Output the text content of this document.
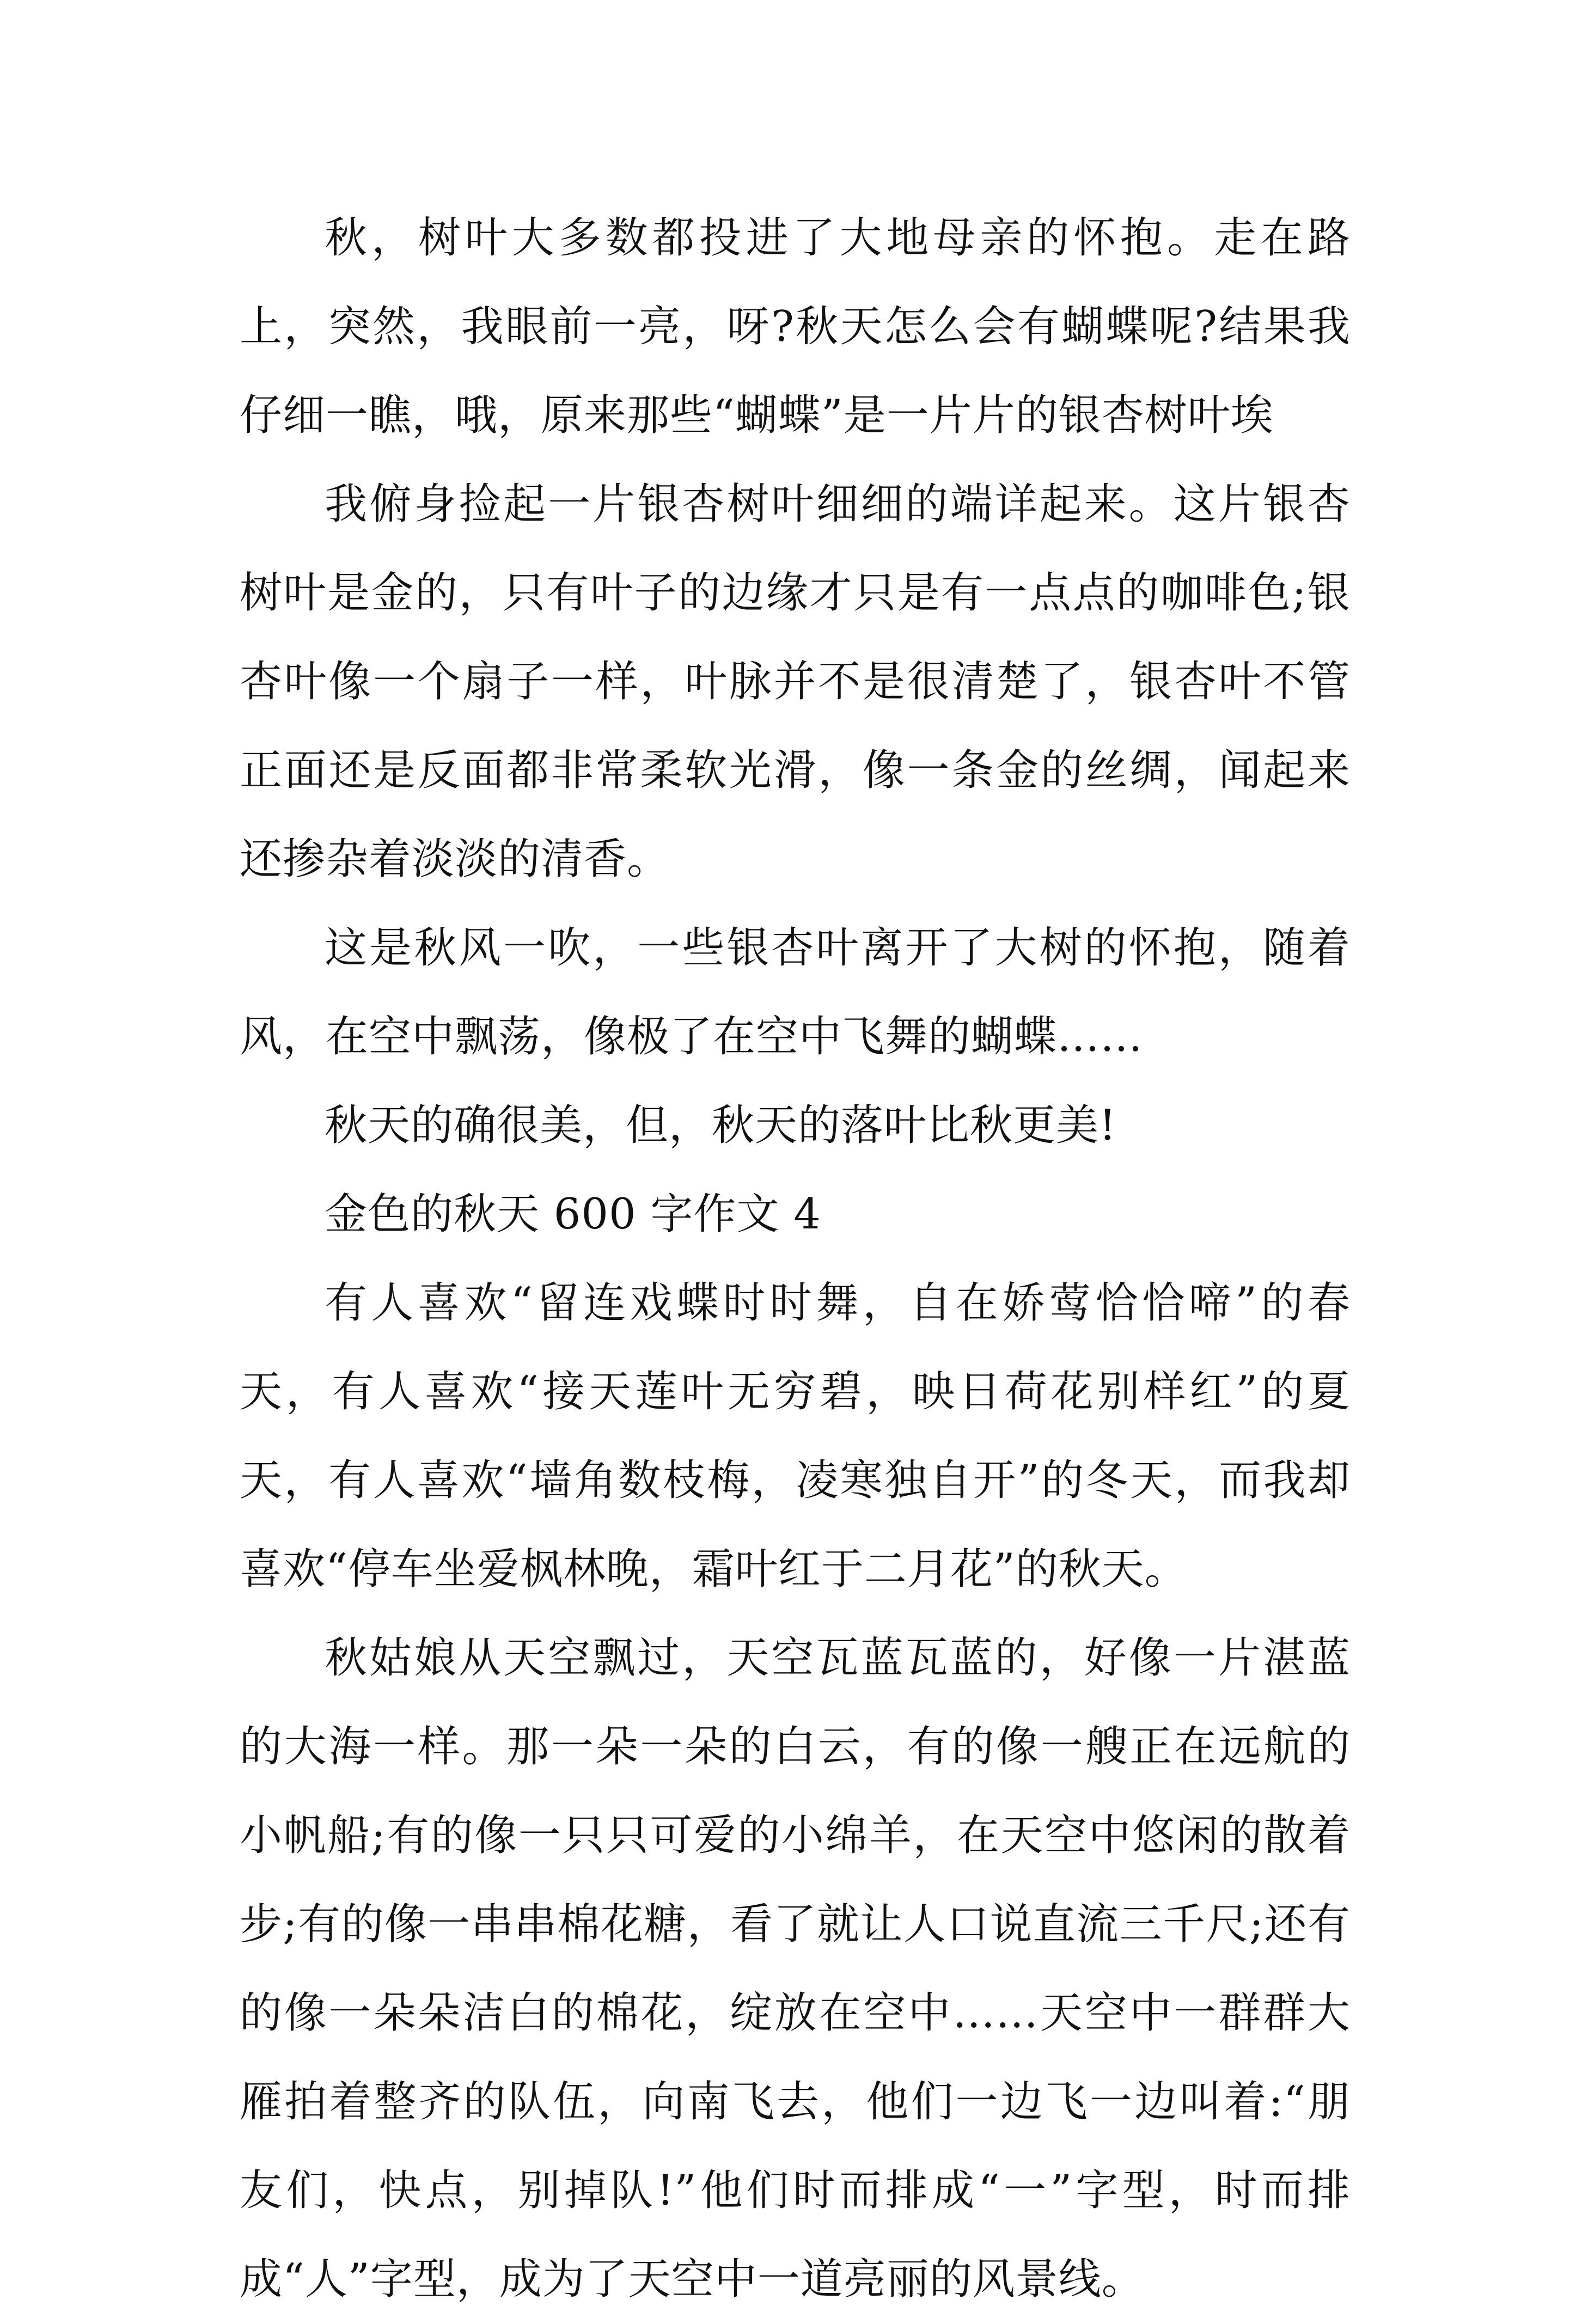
秋，树叶大多数都投进了大地母亲的怀抱。走在路上，突然，我眼前一亮，呀?秋天怎么会有蝴蝶呢?结果我仔细一瞧，哦，原来那些“蝴蝶”是一片片的银杏树叶埃

我俯身捡起一片银杏树叶细细的端详起来。这片银杏树叶是金的，只有叶子的边缘才只是有一点点的咖啡色;银杏叶像一个扇子一样，叶脉并不是很清楚了，银杏叶不管正面还是反面都非常柔软光滑，像一条金的丝绸，闻起来还掺杂着淡淡的清香。

这是秋风一吹，一些银杏叶离开了大树的怀抱，随着风，在空中飘荡，像极了在空中飞舞的蝴蝶……

秋天的确很美，但，秋天的落叶比秋更美!

金色的秋天 600 字作文 4

有人喜欢“留连戏蝶时时舞，自在娇莺恰恰啼”的春天，有人喜欢“接天莲叶无穷碧，映日荷花别样红”的夏天，有人喜欢“墙角数枝梅，凌寒独自开”的冬天，而我却喜欢“停车坐爱枫林晚，霜叶红于二月花”的秋天。

秋姑娘从天空飘过，天空瓦蓝瓦蓝的，好像一片湛蓝的大海一样。那一朵一朵的白云，有的像一艘正在远航的小帆船;有的像一只只可爱的小绵羊，在天空中悠闲的散着步;有的像一串串棉花糖，看了就让人口说直流三千尺;还有的像一朵朵洁白的棉花，绽放在空中……天空中一群群大雁拍着整齐的队伍，向南飞去，他们一边飞一边叫着:“朋友们，快点，别掉队!”他们时而排成“一”字型，时而排成“人”字型，成为了天空中一道亮丽的风景线。
